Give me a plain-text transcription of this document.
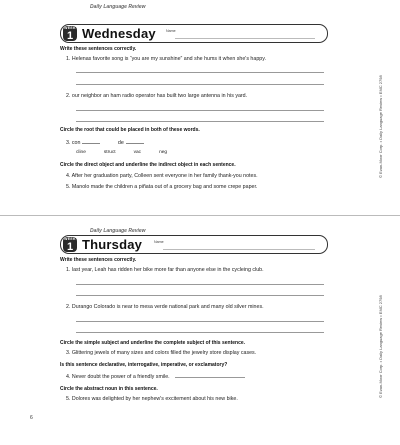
Daily Language Review
WEEK
1 Wednesday	Name
Write these sentences correctly.
1. Helenas favorite song is “you are my sunshine” and she hums it when she's happy.
2. our neighbor an ham radio operator has built two large antenna in his yard.
Circle the root that could be placed in both of these words.
3. con	de
cline	struct	vac	neg
Circle the direct object and underline the indirect object in each sentence.
4. After her graduation party, Colleen sent everyone in her family thank-you notes.
5. Manolo made the children a piñata out of a grocery bag and some crepe paper.
© Evan-Moor Corp. • Daily Language Review • EMC 2798
Daily Language Review
WEEK
1 Thursday	Name
Write these sentences correctly.
1. last year, Leah has ridden her bike more far than anyone else in the cycleing club.
2. Durango Colorado is near to mesa verde national park and many old silver mines.
Circle the simple subject and underline the complete subject of this sentence.
3. Glittering jewels of many sizes and colors filled the jewelry store display cases.
Is this sentence declarative, interrogative, imperative, or exclamatory?
4. Never doubt the power of a friendly smile.
Circle the abstract noun in this sentence.
5. Dolores was delighted by her nephew's excitement about his new bike.
© Evan-Moor Corp. • Daily Language Review • EMC 2798
6
